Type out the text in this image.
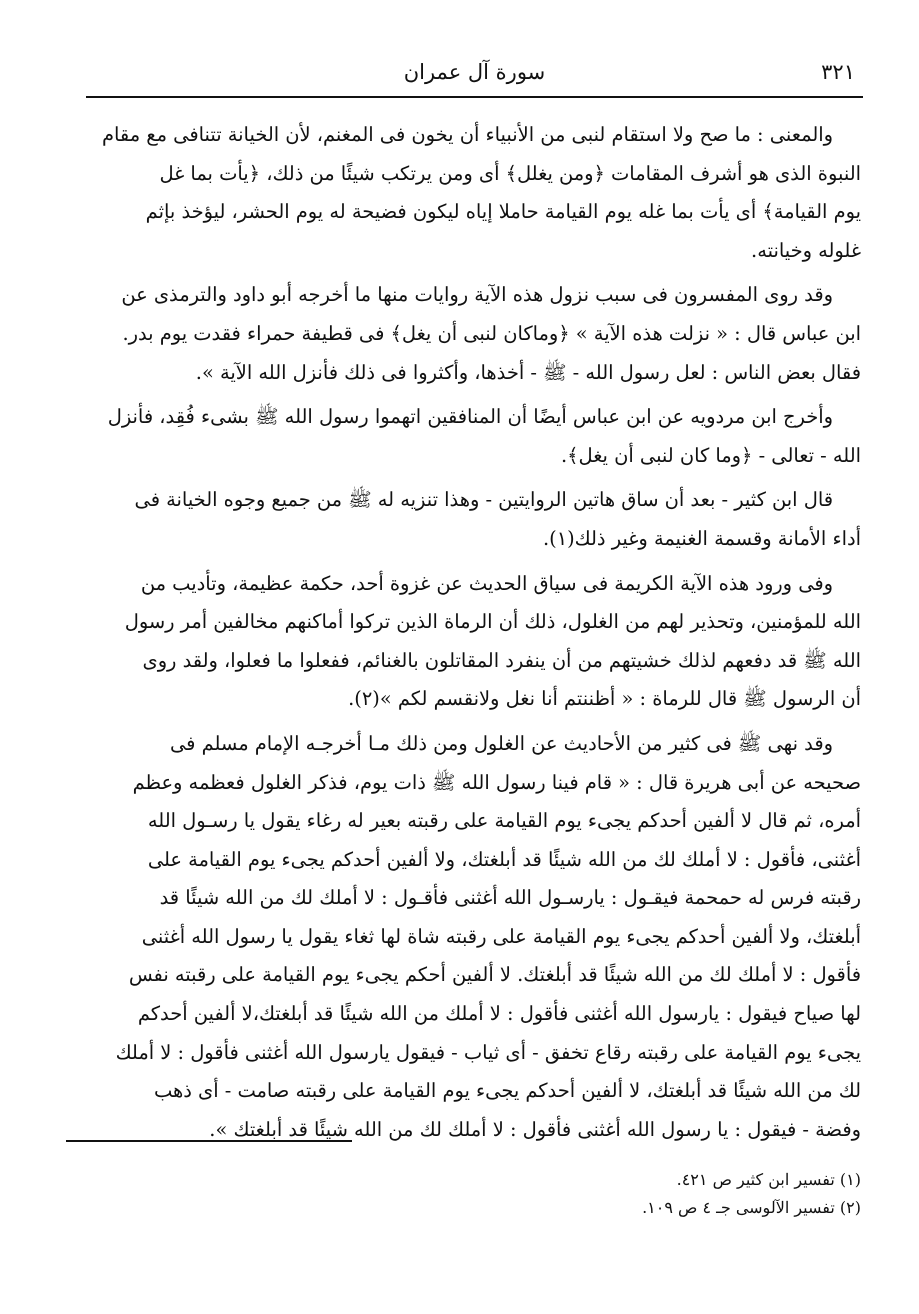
٣٢١
سورة آل عمران

والمعنى : ما صح ولا استقام لنبى من الأنبياء أن يخون فى المغنم، لأن الخيانة تتنافى مع مقام
النبوة الذى هو أشرف المقامات ﴿ومن يغلل﴾ أى ومن يرتكب شيئًا من ذلك، ﴿يأت بما غل
يوم القيامة﴾ أى يأت بما غله يوم القيامة حاملا إياه ليكون فضيحة له يوم الحشر، ليؤخذ بإثم
غلوله وخيانته.

وقد روى المفسرون فى سبب نزول هذه الآية روايات منها ما أخرجه أبو داود والترمذى عن
ابن عباس قال : « نزلت هذه الآية » ﴿وماكان لنبى أن يغل﴾ فى قطيفة حمراء فقدت يوم بدر.
فقال بعض الناس : لعل رسول الله - ﷺ - أخذها، وأكثروا فى ذلك فأنزل الله الآية ».

وأخرج ابن مردويه عن ابن عباس أيضًا أن المنافقين اتهموا رسول الله ﷺ بشىء فُقِد، فأنزل
الله - تعالى - ﴿وما كان لنبى أن يغل﴾.

قال ابن كثير - بعد أن ساق هاتين الروايتين - وهذا تنزيه له ﷺ من جميع وجوه الخيانة فى
أداء الأمانة وقسمة الغنيمة وغير ذلك(١).

وفى ورود هذه الآية الكريمة فى سياق الحديث عن غزوة أحد، حكمة عظيمة، وتأديب من
الله للمؤمنين، وتحذير لهم من الغلول، ذلك أن الرماة الذين تركوا أماكنهم مخالفين أمر رسول
الله ﷺ قد دفعهم لذلك خشيتهم من أن ينفرد المقاتلون بالغنائم، ففعلوا ما فعلوا، ولقد روى
أن الرسول ﷺ قال للرماة : « أظننتم أنا نغل ولانقسم لكم »(٢).

وقد نهى ﷺ فى كثير من الأحاديث عن الغلول ومن ذلك مـا أخرجـه الإمام مسلم فى
صحيحه عن أبى هريرة قال : « قام فينا رسول الله ﷺ ذات يوم، فذكر الغلول فعظمه وعظم
أمره، ثم قال لا ألفين أحدكم يجىء يوم القيامة على رقبته بعير له رغاء يقول يا رسـول الله
أغثنى، فأقول : لا أملك لك من الله شيئًا قد أبلغتك، ولا ألفين أحدكم يجىء يوم القيامة على
رقبته فرس له حمحمة فيقـول : يارسـول الله أغثنى فأقـول : لا أملك لك من الله شيئًا قد
أبلغتك، ولا ألفين أحدكم يجىء يوم القيامة على رقبته شاة لها ثغاء يقول يا رسول الله أغثنى
فأقول : لا أملك لك من الله شيئًا قد أبلغتك. لا ألفين أحكم يجىء يوم القيامة على رقبته نفس
لها صياح فيقول : يارسول الله أغثنى فأقول : لا أملك من الله شيئًا قد أبلغتك،لا ألفين أحدكم
يجىء يوم القيامة على رقبته رقاع تخفق - أى ثياب - فيقول يارسول الله أغثنى فأقول : لا أملك
لك من الله شيئًا قد أبلغتك، لا ألفين أحدكم يجىء يوم القيامة على رقبته صامت - أى ذهب
وفضة - فيقول : يا رسول الله أغثنى فأقول : لا أملك لك من الله شيئًا قد أبلغتك ».

(١) تفسير ابن كثير ص ٤٢١.

(٢) تفسير الآلوسى جـ ٤ ص ١٠٩.
